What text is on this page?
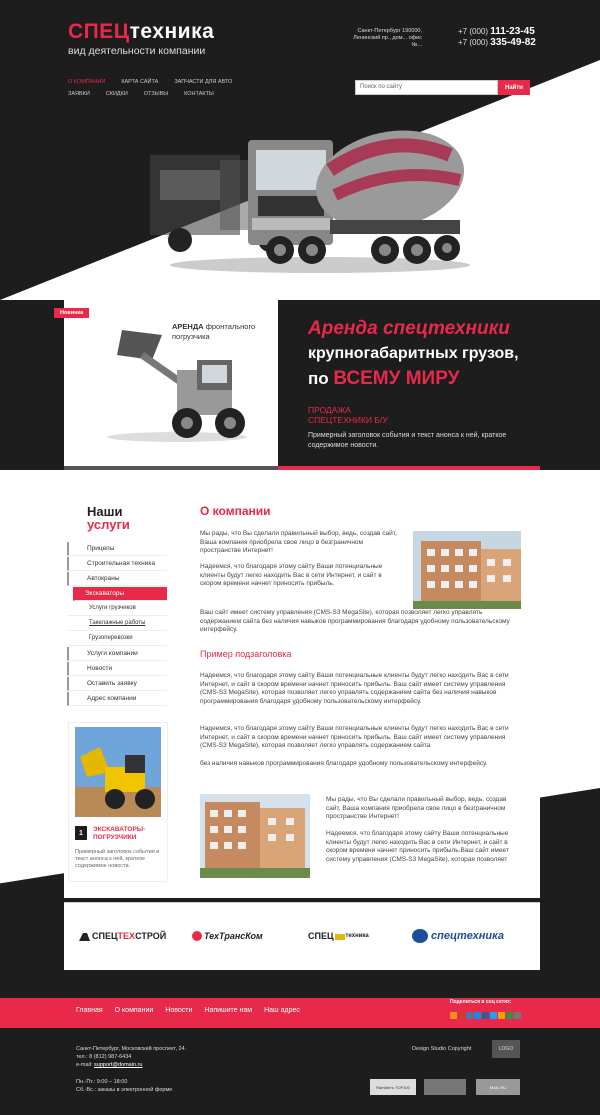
СПЕЦтехника
вид деятельности компании
Санкт-Петербург 190000, Ленинский пр., дом... офис №...
+7 (000) 111-23-45
+7 (000) 335-49-82
О КОМПАНИИ	КАРТА САЙТА	ЗАПЧАСТИ ДЛЯ АВТО
ЗАЯВКИ	СКИДКИ	ОТЗЫВЫ	КОНТАКТЫ
Поиск по сайту	Найти
Новинка
АРЕНДА фронтального погрузчика	Аренда спецтехники
крупногабаритных грузов,
по ВСЕМУ МИРУ
ПРОДАЖА СПЕЦТЕХНИКИ Б/У
Примерный заголовок события и текст анонса к ней, краткое содержимое новости.
Наши
услуги
Прицепы
Строительная техника
Автокраны
Экскаваторы
Услуги грузчиков
Такелажные работы
Грузоперевозки
Услуги компании
Новости
Оставить заявку
Адрес компании
1	ЭКСКАВАТОРЫ-ПОГРУЗЧИКИ
Примерный заголовок события и текст анонса к ней, краткое содержимое новости.
О компании
Мы рады, что Вы сделали правильный выбор, ведь, создав сайт, Ваша компания приобрела свое лицо в безграничном пространстве Интернет!
Надеемся, что благодаря этому сайту Ваши потенциальные клиенты будут легко находить Вас в сети Интернет, и сайт в скором времени начнет приносить прибыль.
Ваш сайт имеет систему управления (CMS-S3 MegaSite), которая позволяет легко управлять содержанием сайта без наличия навыков программирования благодаря удобному пользовательскому интерфейсу.
Пример подзаголовка
Надеемся, что благодаря этому сайту Ваши потенциальные клиенты будут легко находить Вас в сети Интернет, и сайт в скором времени начнет приносить прибыль. Ваш сайт имеет систему управления (CMS-S3 MegaSite), которая позволяет легко управлять содержанием сайта без наличия навыков программирования благодаря удобному пользовательскому интерфейсу.
Надеемся, что благодаря этому сайту Ваши потенциальные клиенты будут легко находить Вас в сети Интернет, и сайт в скором времени начнет приносить прибыль. Ваш сайт имеет систему управления (CMS-S3 MegaSite), которая позволяет легко управлять содержанием сайта
без наличия навыков программирования благодаря удобному пользовательскому интерфейсу.
Мы рады, что Вы сделали правильный выбор, ведь, создав сайт, Ваша компания приобрела свое лицо в безграничном пространстве Интернет!
Надеемся, что благодаря этому сайту Ваши потенциальные клиенты будут легко находить Вас в сети Интернет, и сайт в скором времени начнет приносить прибыль.Ваш сайт имеет систему управления (CMS-S3 MegaSite), которая позволяет
СПЕЦ ТЕХ СТРОЙ	ТехТрансКом	СПЕЦ техника	спецтехника
Главная О компании Новости Напишите нам Наш адрес
Поделиться в соц сетях:
Санкт-Петербург, Московский проспект, 24.
тел.: 8 (812) 987-6434
e-mail: support@domain.ru
Пн.-Пт.: 9:00 – 18:00
Сб.-Вс.: заказы в электронной форме
Design Studio Copyright	LOGO
Rambler's TOP100	MAIL.RU
